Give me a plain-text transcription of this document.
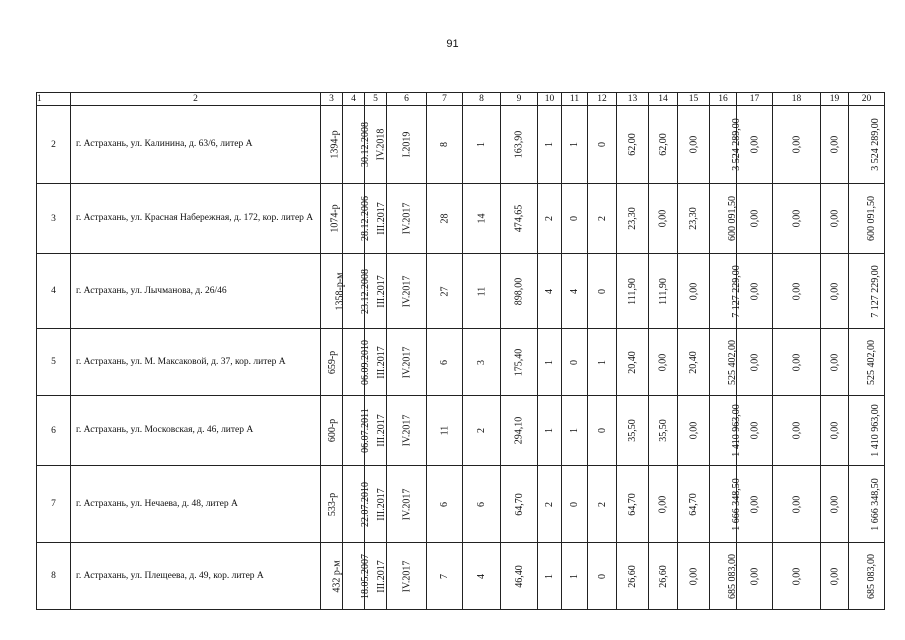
91
1	2	3	4	5	6	7	8	9	10	11	12	13	14	15	16	17	18	19	20
2	г. Астрахань, ул. Калинина, д. 63/6, литер А	1394-р	30.12.2008	IV.2018	I.2019	8	1	163,90	1	1	0	62,00	62,00	0,00	3 524 289,00	0,00	0,00	0,00	3 524 289,00
3	г. Астрахань, ул. Красная Набережная, д. 172, кор. литер А	1074-р	28.12.2006	III.2017	IV.2017	28	14	474,65	2	0	2	23,30	0,00	23,30	600 091,50	0,00	0,00	0,00	600 091,50
4	г. Астрахань, ул. Лычманова, д. 26/46	1358-р-м	23.12.2008	III.2017	IV.2017	27	11	898,00	4	4	0	111,90	111,90	0,00	7 127 229,00	0,00	0,00	0,00	7 127 229,00
5	г. Астрахань, ул. М. Максаковой, д. 37, кор. литер А	659-р	06.09.2010	III.2017	IV.2017	6	3	175,40	1	0	1	20,40	0,00	20,40	525 402,00	0,00	0,00	0,00	525 402,00
6	г. Астрахань, ул. Московская, д. 46, литер А	600-р	06.07.2011	III.2017	IV.2017	11	2	294,10	1	1	0	35,50	35,50	0,00	1 410 963,00	0,00	0,00	0,00	1 410 963,00
7	г. Астрахань, ул. Нечаева, д. 48, литер А	533-р	22.07.2010	III.2017	IV.2017	6	6	64,70	2	0	2	64,70	0,00	64,70	1 666 348,50	0,00	0,00	0,00	1 666 348,50
8	г. Астрахань, ул. Плещеева, д. 49, кор. литер А	432 р-м	18.05.2007	III.2017	IV.2017	7	4	46,40	1	1	0	26,60	26,60	0,00	685 083,00	0,00	0,00	0,00	685 083,00
